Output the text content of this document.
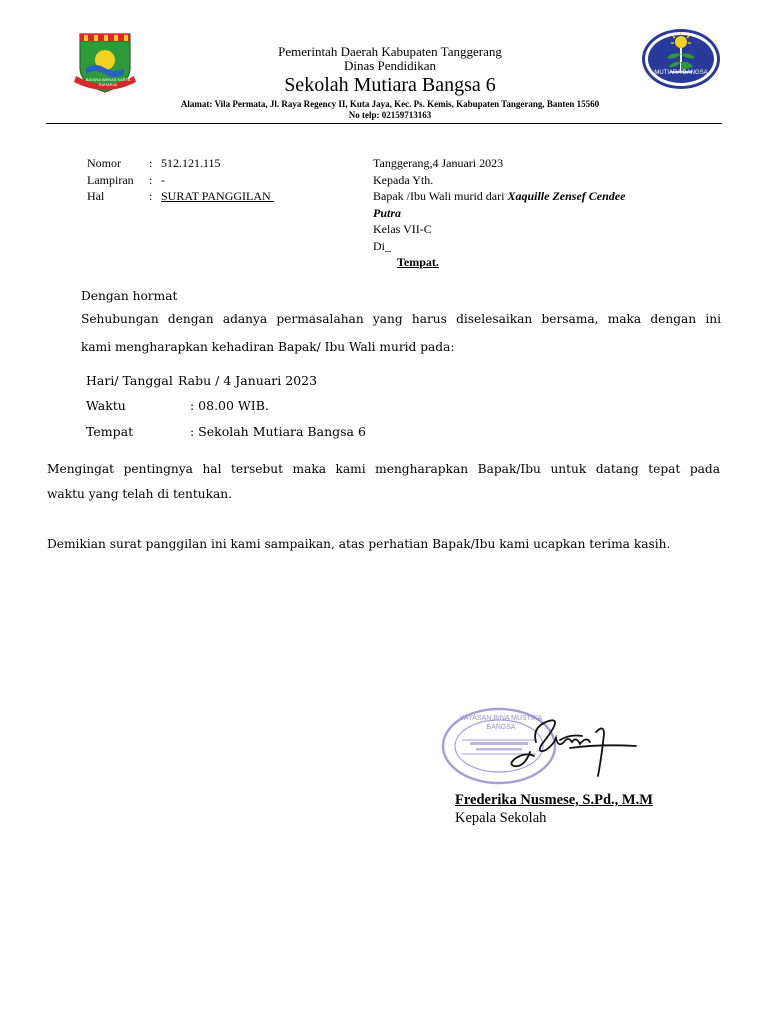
BATARA WEKAS KARTA RAHARJA
MUTIARA BANGSA
Pemerintah Daerah Kabupaten Tanggerang
Dinas Pendidikan
Sekolah Mutiara Bangsa 6
Alamat: Vila Permata, Jl. Raya Regency II, Kuta Jaya, Kec. Ps. Kemis, Kabupaten Tangerang, Banten 15560
No telp: 02159713163
Nomor	: 512.121.115
Lampiran	: -
Hal	: SURAT PANGGILAN
Tanggerang,4 Januari 2023
Kepada Yth.
Bapak /Ibu Wali murid dari Xaquille Zensef Cendee
Putra
Kelas VII-C
Di_
Tempat.
Dengan hormat
Sehubungan dengan adanya permasalahan yang harus diselesaikan bersama, maka dengan ini
kami mengharapkan kehadiran Bapak/ Ibu Wali murid pada:
Hari/ Tanggal Rabu / 4 Januari 2023
Waktu	: 08.00 WIB.
Tempat	: Sekolah Mutiara Bangsa 6
Mengingat pentingnya hal tersebut maka kami mengharapkan Bapak/Ibu untuk datang tepat pada
waktu yang telah di tentukan.
Demikian surat panggilan ini kami sampaikan, atas perhatian Bapak/Ibu kami ucapkan terima kasih.
YAYASAN BINA MUSTIKA BANGSA
Frederika Nusmese, S.Pd., M.M
Kepala Sekolah
